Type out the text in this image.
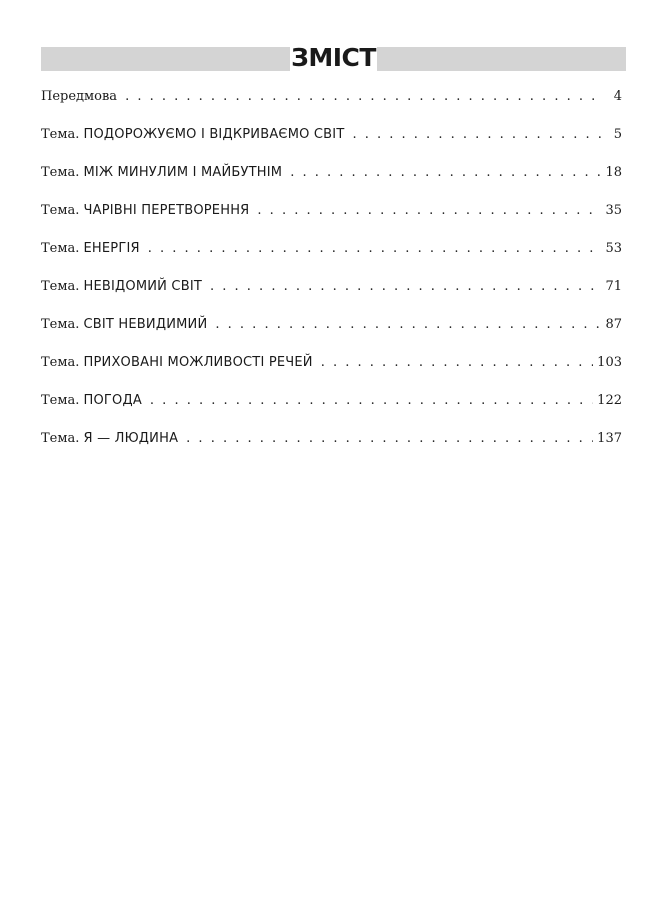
ЗМІСТ
Передмова . . .	4
Тема. ПОДОРОЖУЄМО І ВІДКРИВАЄМО СВІТ . . .	5
Тема. МІЖ МИНУЛИМ І МАЙБУТНІМ . . .	18
Тема. ЧАРІВНІ ПЕРЕТВОРЕННЯ . . .	35
Тема. ЕНЕРГІЯ . . .	53
Тема. НЕВІДОМИЙ СВІТ . . .	71
Тема. СВІТ НЕВИДИМИЙ . . .	87
Тема. ПРИХОВАНІ МОЖЛИВОСТІ РЕЧЕЙ . . .	103
Тема. ПОГОДА . . .	122
Тема. Я — ЛЮДИНА . . .	137
